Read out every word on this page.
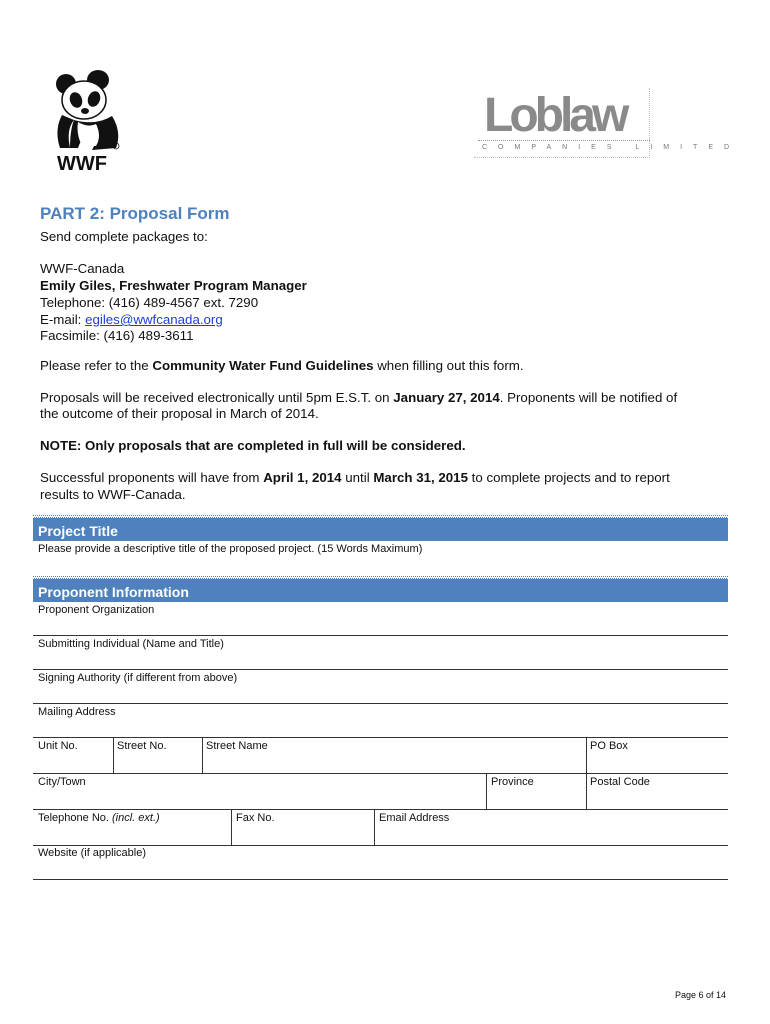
WWF
Loblaw
COMPANIES LIMITED
PART 2: Proposal Form
Send complete packages to:
WWF-Canada
Emily Giles, Freshwater Program Manager
Telephone: (416) 489-4567 ext. 7290
E-mail: egiles@wwfcanada.org
Facsimile: (416) 489-3611
Please refer to the Community Water Fund Guidelines when filling out this form.
Proposals will be received electronically until 5pm E.S.T. on January 27, 2014. Proponents will be notified of
the outcome of their proposal in March of 2014.
NOTE: Only proposals that are completed in full will be considered.
Successful proponents will have from April 1, 2014 until March 31, 2015 to complete projects and to report
results to WWF-Canada.
Project Title
Please provide a descriptive title of the proposed project. (15 Words Maximum)
Proponent Information
Proponent Organization
Submitting Individual (Name and Title)
Signing Authority (if different from above)
Mailing Address
Unit No.	Street No.	Street Name	PO Box
City/Town	Province	Postal Code
Telephone No. (incl. ext.)	Fax No.	Email Address
Website (if applicable)
Page 6 of 14
